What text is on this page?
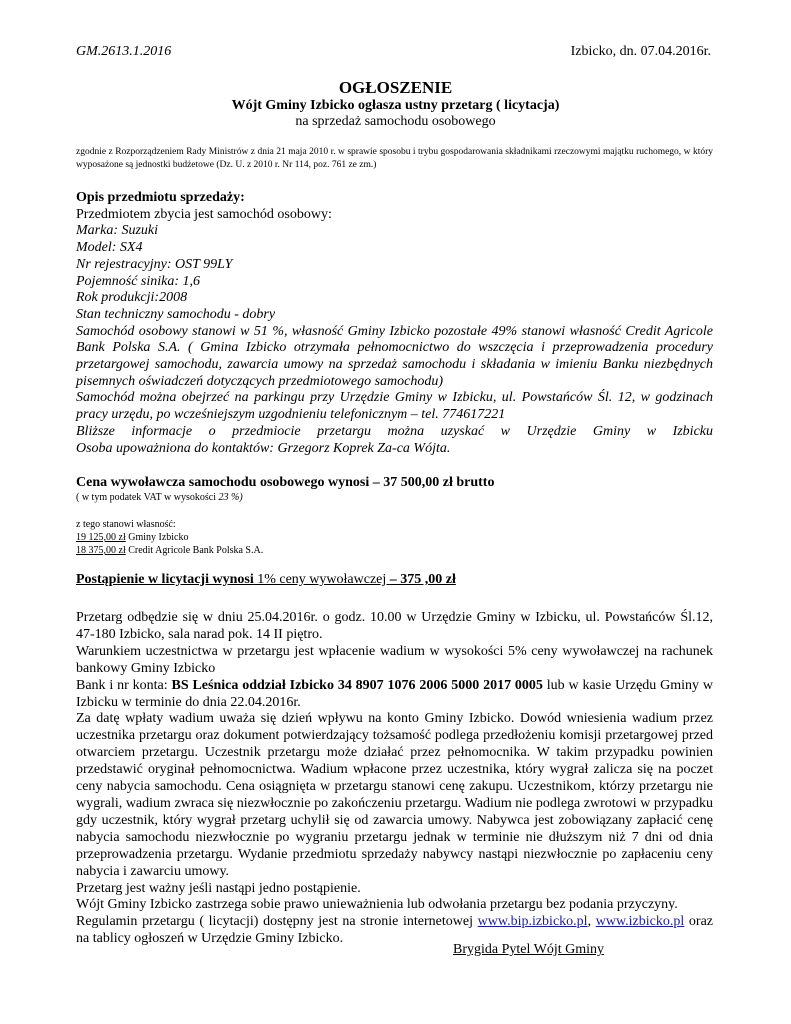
GM.2613.1.2016	Izbicko, dn. 07.04.2016r.
OGŁOSZENIE
Wójt Gminy Izbicko ogłasza ustny przetarg ( licytacja)
na sprzedaż samochodu osobowego
zgodnie z Rozporządzeniem Rady Ministrów z dnia 21 maja 2010 r. w sprawie sposobu i trybu gospodarowania składnikami rzeczowymi majątku ruchomego, w który wyposażone są jednostki budżetowe (Dz. U. z 2010 r. Nr 114, poz. 761 ze zm.)
Opis przedmiotu sprzedaży:
Przedmiotem zbycia jest samochód osobowy:
Marka: Suzuki
Model: SX4
Nr rejestracyjny: OST 99LY
Pojemność sinika: 1,6
Rok produkcji:2008
Stan techniczny samochodu - dobry
Samochód osobowy stanowi w 51 %, własność Gminy Izbicko pozostałe 49% stanowi własność Credit Agricole Bank Polska S.A. ( Gmina Izbicko otrzymała pełnomocnictwo do wszczęcia i przeprowadzenia procedury przetargowej samochodu, zawarcia umowy na sprzedaż samochodu i składania w imieniu Banku niezbędnych pisemnych oświadczeń dotyczących przedmiotowego samochodu)
Samochód można obejrzeć na parkingu przy Urzędzie Gminy w Izbicku, ul. Powstańców Śl. 12, w godzinach pracy urzędu, po wcześniejszym uzgodnieniu telefonicznym – tel. 774617221
Bliższe informacje o przedmiocie przetargu można uzyskać w Urzędzie Gminy w Izbicku
Osoba upoważniona do kontaktów: Grzegorz Koprek Za-ca Wójta.
Cena wywoławcza samochodu osobowego wynosi – 37 500,00 zł brutto
( w tym podatek VAT w wysokości 23 %)
z tego stanowi własność:
19 125,00 zł Gminy Izbicko
18 375,00 zł Credit Agricole Bank Polska S.A.
Postąpienie w licytacji wynosi 1% ceny wywoławczej – 375 ,00 zł

Przetarg odbędzie się w dniu 25.04.2016r. o godz. 10.00 w Urzędzie Gminy w Izbicku, ul. Powstańców Śl.12, 47-180 Izbicko, sala narad pok. 14 II piętro.

Warunkiem uczestnictwa w przetargu jest wpłacenie wadium w wysokości 5% ceny wywoławczej na rachunek bankowy Gminy Izbicko

Bank i nr konta: BS Leśnica oddział Izbicko 34 8907 1076 2006 5000 2017 0005 lub w kasie Urzędu Gminy w Izbicku w terminie do dnia 22.04.2016r.

Za datę wpłaty wadium uważa się dzień wpływu na konto Gminy Izbicko. Dowód wniesienia wadium przez uczestnika przetargu oraz dokument potwierdzający tożsamość podlega przedłożeniu komisji przetargowej przed otwarciem przetargu. Uczestnik przetargu może działać przez pełnomocnika. W takim przypadku powinien przedstawić oryginał pełnomocnictwa. Wadium wpłacone przez uczestnika, który wygrał zalicza się na poczet ceny nabycia samochodu. Cena osiągnięta w przetargu stanowi cenę zakupu. Uczestnikom, którzy przetargu nie wygrali, wadium zwraca się niezwłocznie po zakończeniu przetargu. Wadium nie podlega zwrotowi w przypadku gdy uczestnik, który wygrał przetarg uchylił się od zawarcia umowy. Nabywca jest zobowiązany zapłacić cenę nabycia samochodu niezwłocznie po wygraniu przetargu jednak w terminie nie dłuższym niż 7 dni od dnia przeprowadzenia przetargu. Wydanie przedmiotu sprzedaży nabywcy nastąpi niezwłocznie po zapłaceniu ceny nabycia i zawarciu umowy.

Przetarg jest ważny jeśli nastąpi jedno postąpienie.

Wójt Gminy Izbicko zastrzega sobie prawo unieważnienia lub odwołania przetargu bez podania przyczyny.

Regulamin przetargu ( licytacji) dostępny jest na stronie internetowej www.bip.izbicko.pl, www.izbicko.pl oraz na tablicy ogłoszeń w Urzędzie Gminy Izbicko.

Brygida Pytel Wójt Gminy
